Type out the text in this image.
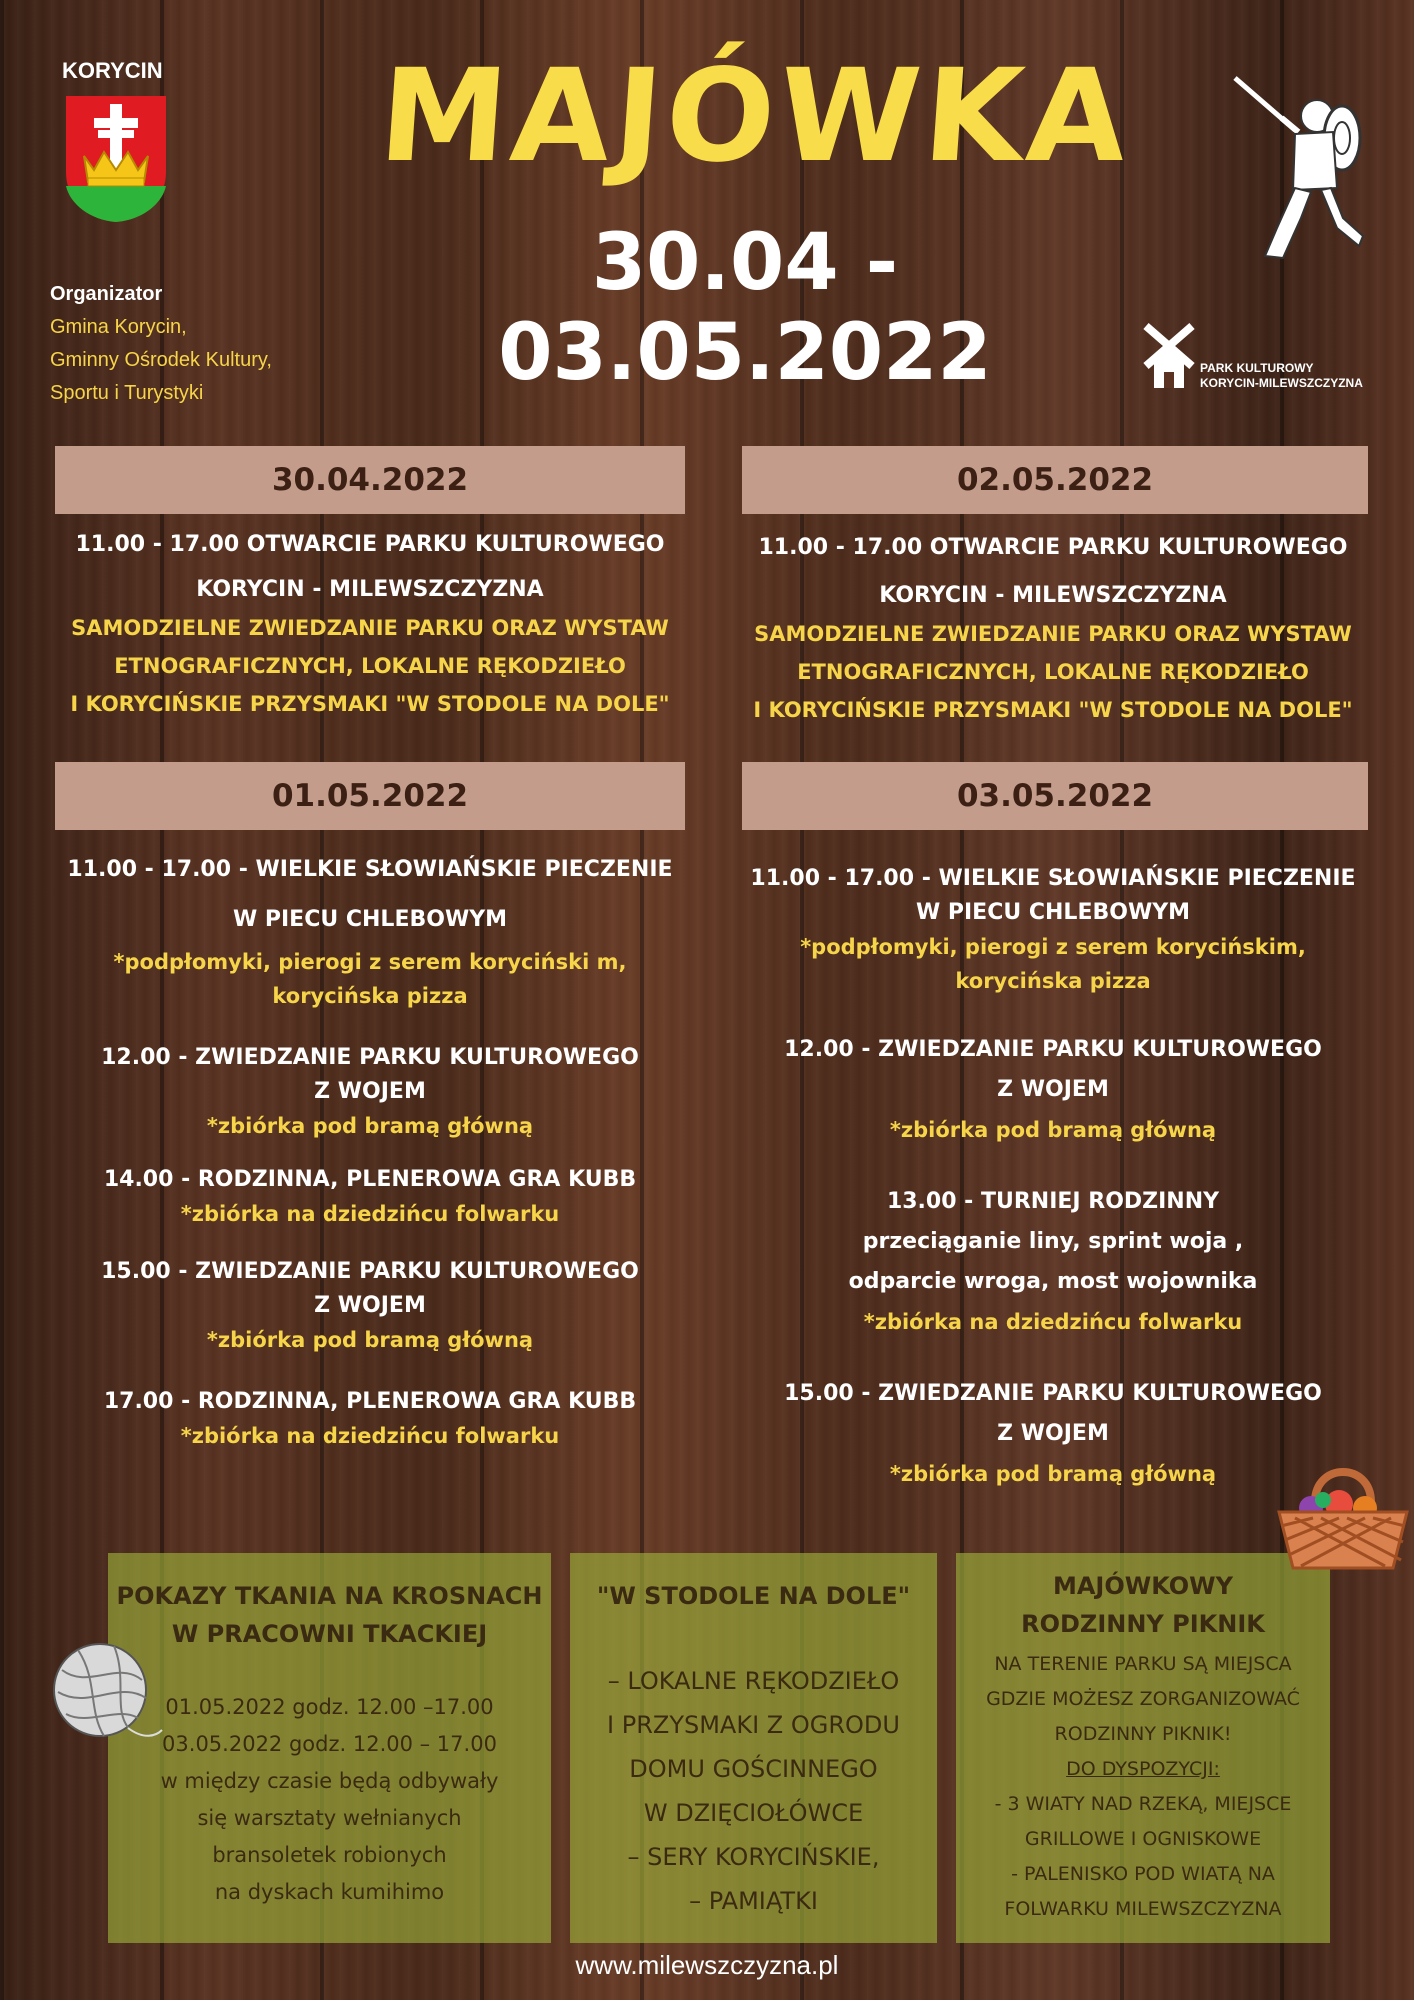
KORYCIN
Organizator
Gmina Korycin,
Gminny Ośrodek Kultury,
Sportu i Turystyki
MAJÓWKA
30.04 - 03.05.2022	PARK KULTUROWY
KORYCIN-MILEWSZCZYZNA
30.04.2022
11.00 - 17.00 OTWARCIE PARKU KULTUROWEGO
KORYCIN - MILEWSZCZYZNA
SAMODZIELNE ZWIEDZANIE PARKU ORAZ WYSTAW
ETNOGRAFICZNYCH, LOKALNE RĘKODZIEŁO
I KORYCIŃSKIE PRZYSMAKI "W STODOLE NA DOLE"
02.05.2022
11.00 - 17.00 OTWARCIE PARKU KULTUROWEGO
KORYCIN - MILEWSZCZYZNA
SAMODZIELNE ZWIEDZANIE PARKU ORAZ WYSTAW
ETNOGRAFICZNYCH, LOKALNE RĘKODZIEŁO
I KORYCIŃSKIE PRZYSMAKI "W STODOLE NA DOLE"
01.05.2022
11.00 - 17.00 - WIELKIE SŁOWIAŃSKIE PIECZENIE
W PIECU CHLEBOWYM
*podpłomyki, pierogi z serem koryciński m,
korycińska pizza
12.00 - ZWIEDZANIE PARKU KULTUROWEGO
Z WOJEM
*zbiórka pod bramą główną
14.00 - RODZINNA, PLENEROWA GRA KUBB
*zbiórka na dziedzińcu folwarku
15.00 - ZWIEDZANIE PARKU KULTUROWEGO
Z WOJEM
*zbiórka pod bramą główną
17.00 - RODZINNA, PLENEROWA GRA KUBB
*zbiórka na dziedzińcu folwarku
03.05.2022
11.00 - 17.00 - WIELKIE SŁOWIAŃSKIE PIECZENIE
W PIECU CHLEBOWYM
*podpłomyki, pierogi z serem korycińskim,
korycińska pizza
12.00 - ZWIEDZANIE PARKU KULTUROWEGO
Z WOJEM
*zbiórka pod bramą główną
13.00 - TURNIEJ RODZINNY
przeciąganie liny, sprint woja ,
odparcie wroga, most wojownika
*zbiórka na dziedzińcu folwarku
15.00 - ZWIEDZANIE PARKU KULTUROWEGO
Z WOJEM
*zbiórka pod bramą główną
POKAZY TKANIA NA KROSNACH
W PRACOWNI TKACKIEJ
01.05.2022 godz. 12.00 –17.00
03.05.2022 godz. 12.00 – 17.00
w między czasie będą odbywały
się warsztaty wełnianych
bransoletek robionych
na dyskach kumihimo
"W STODOLE NA DOLE"
– LOKALNE RĘKODZIEŁO
I PRZYSMAKI Z OGRODU
DOMU GOŚCINNEGO
W DZIĘCIOŁÓWCE
– SERY KORYCIŃSKIE,
– PAMIĄTKI
MAJÓWKOWY
RODZINNY PIKNIK
NA TERENIE PARKU SĄ MIEJSCA
GDZIE MOŻESZ ZORGANIZOWAĆ
RODZINNY PIKNIK!
DO DYSPOZYCJI:
- 3 WIATY NAD RZEKĄ, MIEJSCE
GRILLOWE I OGNISKOWE
- PALENISKO POD WIATĄ NA
FOLWARKU MILEWSZCZYZNA
www.milewszczyzna.pl
